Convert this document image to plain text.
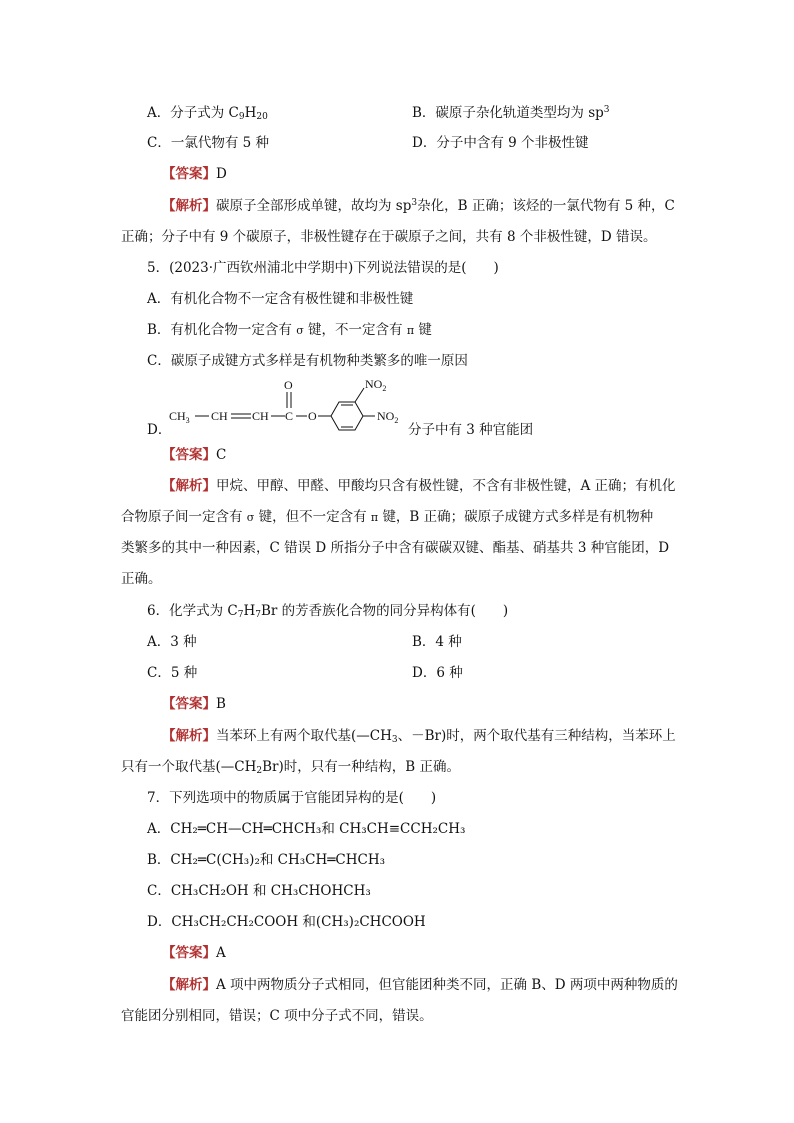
A．分子式为 $C_9H_{20}$	B．碳原子杂化轨道类型均为 $sp^3$
C．一氯代物有 5 种	D．分子中含有 9 个非极性键
【答案】D
【解析】碳原子全部形成单键，故均为 $sp^3$杂化，B 正确；该烃的一氯代物有 5 种，C
正确；分子中有 9 个碳原子，非极性键存在于碳原子之间，共有 8 个非极性键，D 错误。
5．(2023·广西钦州浦北中学期中)下列说法错误的是(　　)
A．有机化合物不一定含有极性键和非极性键
B．有机化合物一定含有 σ 键，不一定含有 π 键
C．碳原子成键方式多样是有机物种类繁多的唯一原因
D．
$CH_3$ CH CH C
O
O
$NO_2$
$NO_2$
分子中有 3 种官能团
【答案】C
【解析】甲烷、甲醇、甲醛、甲酸均只含有极性键，不含有非极性键，A 正确；有机化
合物原子间一定含有 σ 键，但不一定含有 π 键，B 正确；碳原子成键方式多样是有机物种
类繁多的其中一种因素，C 错误 D 所指分子中含有碳碳双键、酯基、硝基共 3 种官能团，D
正确。
6．化学式为 $C_7H_7Br$ 的芳香族化合物的同分异构体有(　　)
A．3 种	B．4 种
C．5 种	D．6 种
【答案】B
【解析】当苯环上有两个取代基($—CH_3$、－Br)时，两个取代基有三种结构，当苯环上
只有一个取代基$(—CH_2Br)$时，只有一种结构，B 正确。
7．下列选项中的物质属于官能团异构的是(　　)
A．CH₂═CH—CH═CHCH₃和 CH₃CH≡CCH₂CH₃
B．CH₂═C(CH₃)₂和 CH₃CH═CHCH₃
C．CH₃CH₂OH 和 CH₃CHOHCH₃
D．CH₃CH₂CH₂COOH 和(CH₃)₂CHCOOH
【答案】A
【解析】A 项中两物质分子式相同，但官能团种类不同，正确 B、D 两项中两种物质的
官能团分别相同，错误；C 项中分子式不同，错误。
